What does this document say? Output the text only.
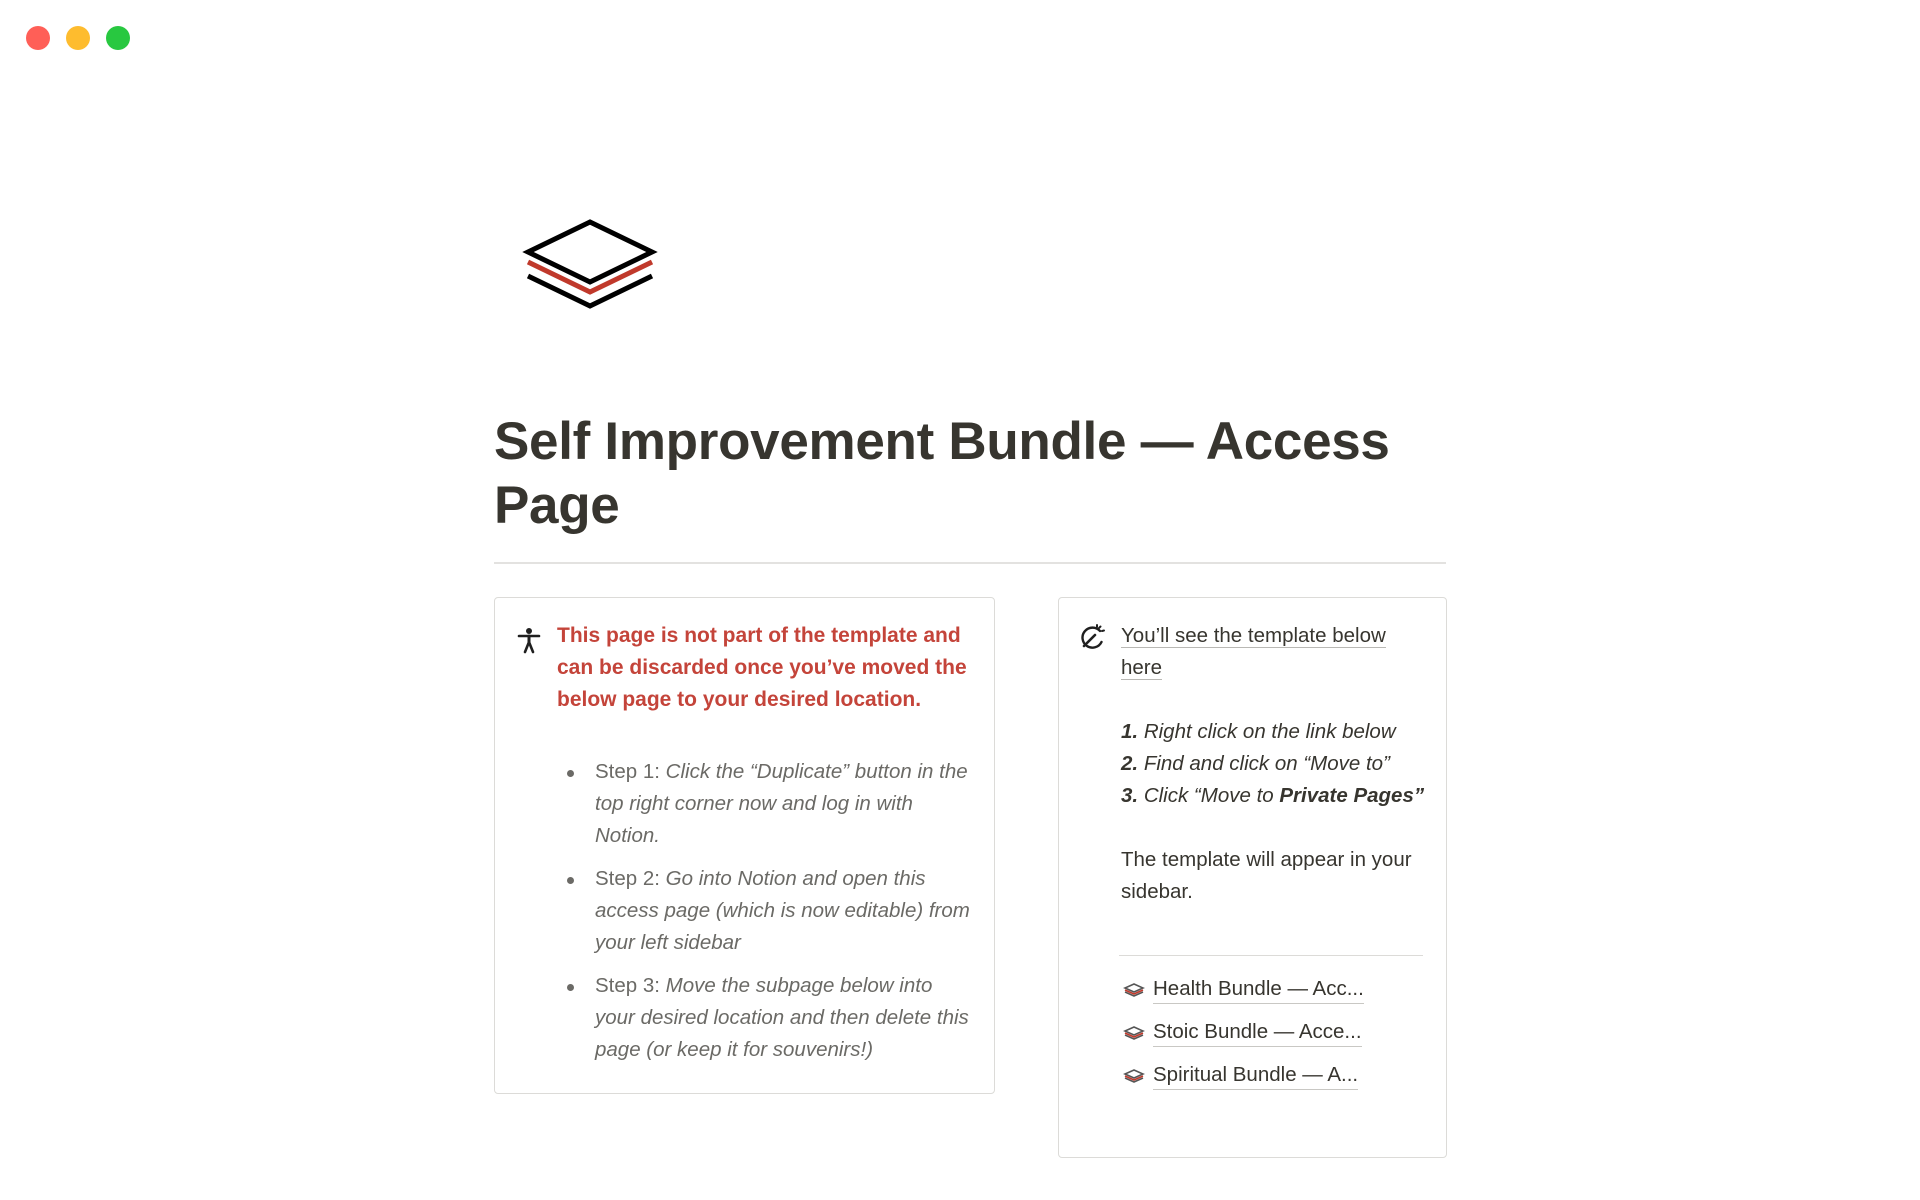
Self Improvement Bundle — Access Page

This page is not part of the template and can be discarded once you’ve moved the below page to your desired location.

Step 1: Click the “Duplicate” button in the top right corner now and log in with Notion.
Step 2: Go into Notion and open this access page (which is now editable) from your left sidebar
Step 3: Move the subpage below into your desired location and then delete this page (or keep it for souvenirs!)
You’ll see the template below here
1. Right click on the link below
2. Find and click on “Move to”
3. Click “Move to Private Pages”
The template will appear in your sidebar.
Health Bundle — Acc...
Stoic Bundle — Acce...
Spiritual Bundle — A...
